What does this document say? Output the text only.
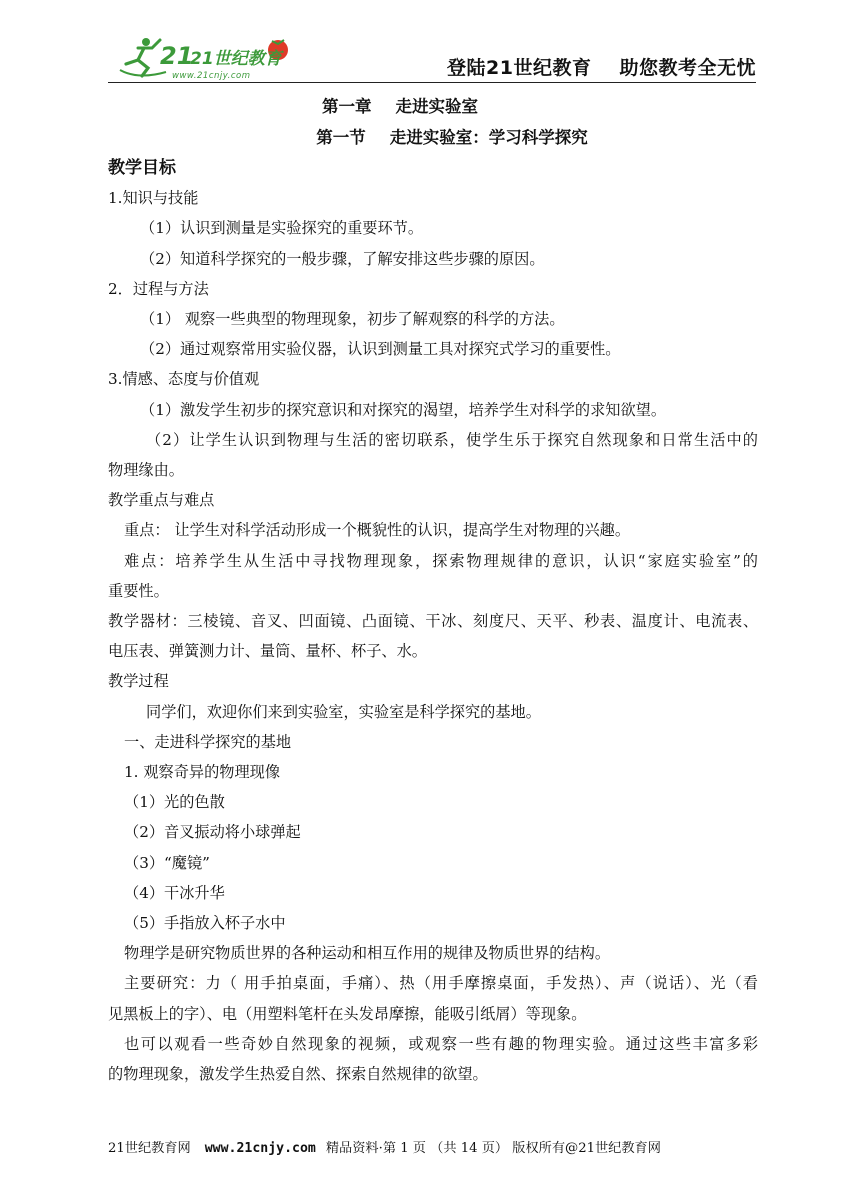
21
21世纪教育
www.21cnjy.com	登陆21世纪教育 助您教考全无忧
第一章 走进实验室
第一节 走进实验室：学习科学探究
教学目标
1.知识与技能
（1）认识到测量是实验探究的重要环节。
（2）知道科学探究的一般步骤，了解安排这些步骤的原因。
2．过程与方法
（1） 观察一些典型的物理现象，初步了解观察的科学的方法。
（2）通过观察常用实验仪器，认识到测量工具对探究式学习的重要性。
3.情感、态度与价值观
（1）激发学生初步的探究意识和对探究的渴望，培养学生对科学的求知欲望。
（2）让学生认识到物理与生活的密切联系，使学生乐于探究自然现象和日常生活中的
物理缘由。
教学重点与难点
重点： 让学生对科学活动形成一个概貌性的认识，提高学生对物理的兴趣。
难点：培养学生从生活中寻找物理现象，探索物理规律的意识，认识“家庭实验室”的
重要性。
教学器材：三棱镜、音叉、凹面镜、凸面镜、干冰、刻度尺、天平、秒表、温度计、电流表、
电压表、弹簧测力计、量筒、量杯、杯子、水。
教学过程
同学们，欢迎你们来到实验室，实验室是科学探究的基地。
一、走进科学探究的基地
1. 观察奇异的物理现像
（1）光的色散
（2）音叉振动将小球弹起
（3）“魔镜”
（4）干冰升华
（5）手指放入杯子水中
物理学是研究物质世界的各种运动和相互作用的规律及物质世界的结构。
主要研究：力（ 用手拍桌面，手痛）、热（用手摩擦桌面，手发热）、声（说话）、光（看
见黑板上的字）、电（用塑料笔杆在头发昂摩擦，能吸引纸屑）等现象。
也可以观看一些奇妙自然现象的视频，或观察一些有趣的物理实验。通过这些丰富多彩
的物理现象，激发学生热爱自然、探索自然规律的欲望。
21世纪教育网 www.21cnjy.com 精品资料·第 1 页 （共 14 页） 版权所有@21世纪教育网
